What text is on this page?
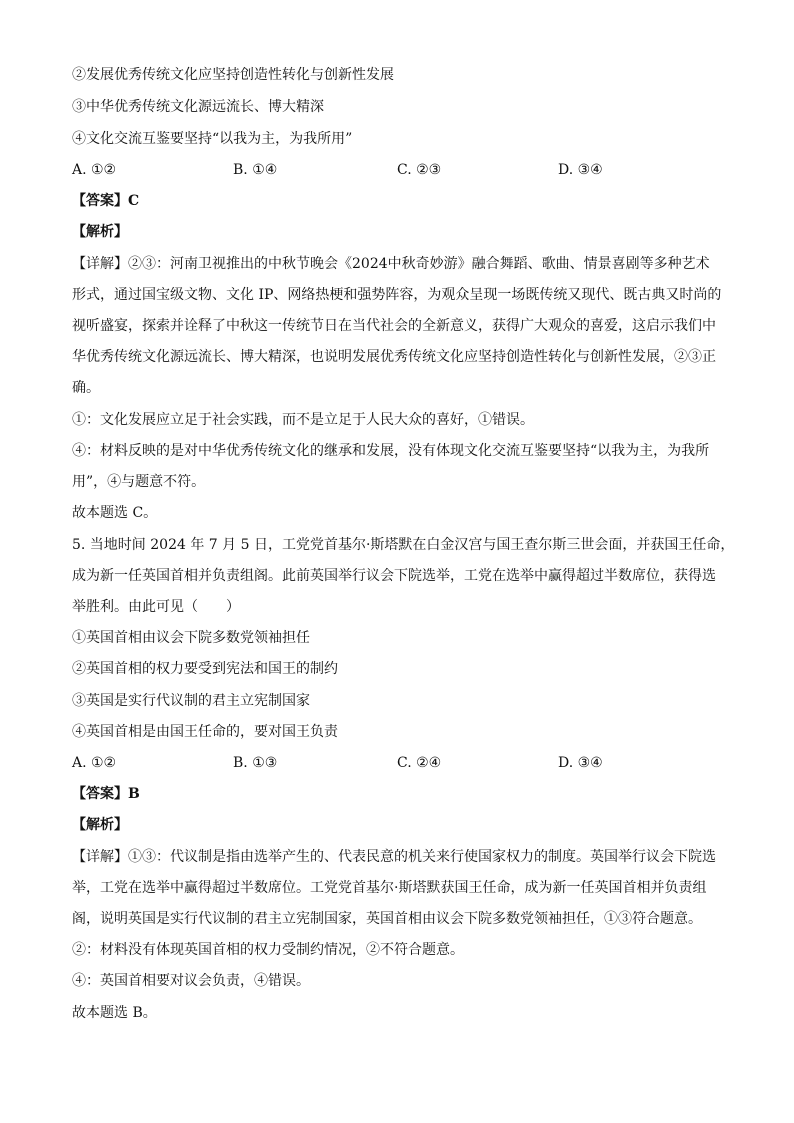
②发展优秀传统文化应坚持创造性转化与创新性发展
③中华优秀传统文化源远流长、博大精深
④文化交流互鉴要坚持“以我为主，为我所用”
A. ①②	B. ①④	C. ②③	D. ③④
【答案】C
【解析】
【详解】②③：河南卫视推出的中秋节晚会《2024中秋奇妙游》融合舞蹈、歌曲、情景喜剧等多种艺术
形式，通过国宝级文物、文化 IP、网络热梗和强势阵容，为观众呈现一场既传统又现代、既古典又时尚的
视听盛宴，探索并诠释了中秋这一传统节日在当代社会的全新意义，获得广大观众的喜爱，这启示我们中
华优秀传统文化源远流长、博大精深，也说明发展优秀传统文化应坚持创造性转化与创新性发展，②③正
确。
①：文化发展应立足于社会实践，而不是立足于人民大众的喜好，①错误。
④：材料反映的是对中华优秀传统文化的继承和发展，没有体现文化交流互鉴要坚持“以我为主，为我所
用”，④与题意不符。
故本题选 C。
5. 当地时间 2024 年 7 月 5 日，工党党首基尔·斯塔默在白金汉宫与国王查尔斯三世会面，并获国王任命，
成为新一任英国首相并负责组阁。此前英国举行议会下院选举，工党在选举中赢得超过半数席位，获得选
举胜利。由此可见（　　）
①英国首相由议会下院多数党领袖担任
②英国首相的权力要受到宪法和国王的制约
③英国是实行代议制的君主立宪制国家
④英国首相是由国王任命的，要对国王负责
A. ①②	B. ①③	C. ②④	D. ③④
【答案】B
【解析】
【详解】①③：代议制是指由选举产生的、代表民意的机关来行使国家权力的制度。英国举行议会下院选
举，工党在选举中赢得超过半数席位。工党党首基尔·斯塔默获国王任命，成为新一任英国首相并负责组
阁，说明英国是实行代议制的君主立宪制国家，英国首相由议会下院多数党领袖担任，①③符合题意。
②：材料没有体现英国首相的权力受制约情况，②不符合题意。
④：英国首相要对议会负责，④错误。
故本题选 B。
